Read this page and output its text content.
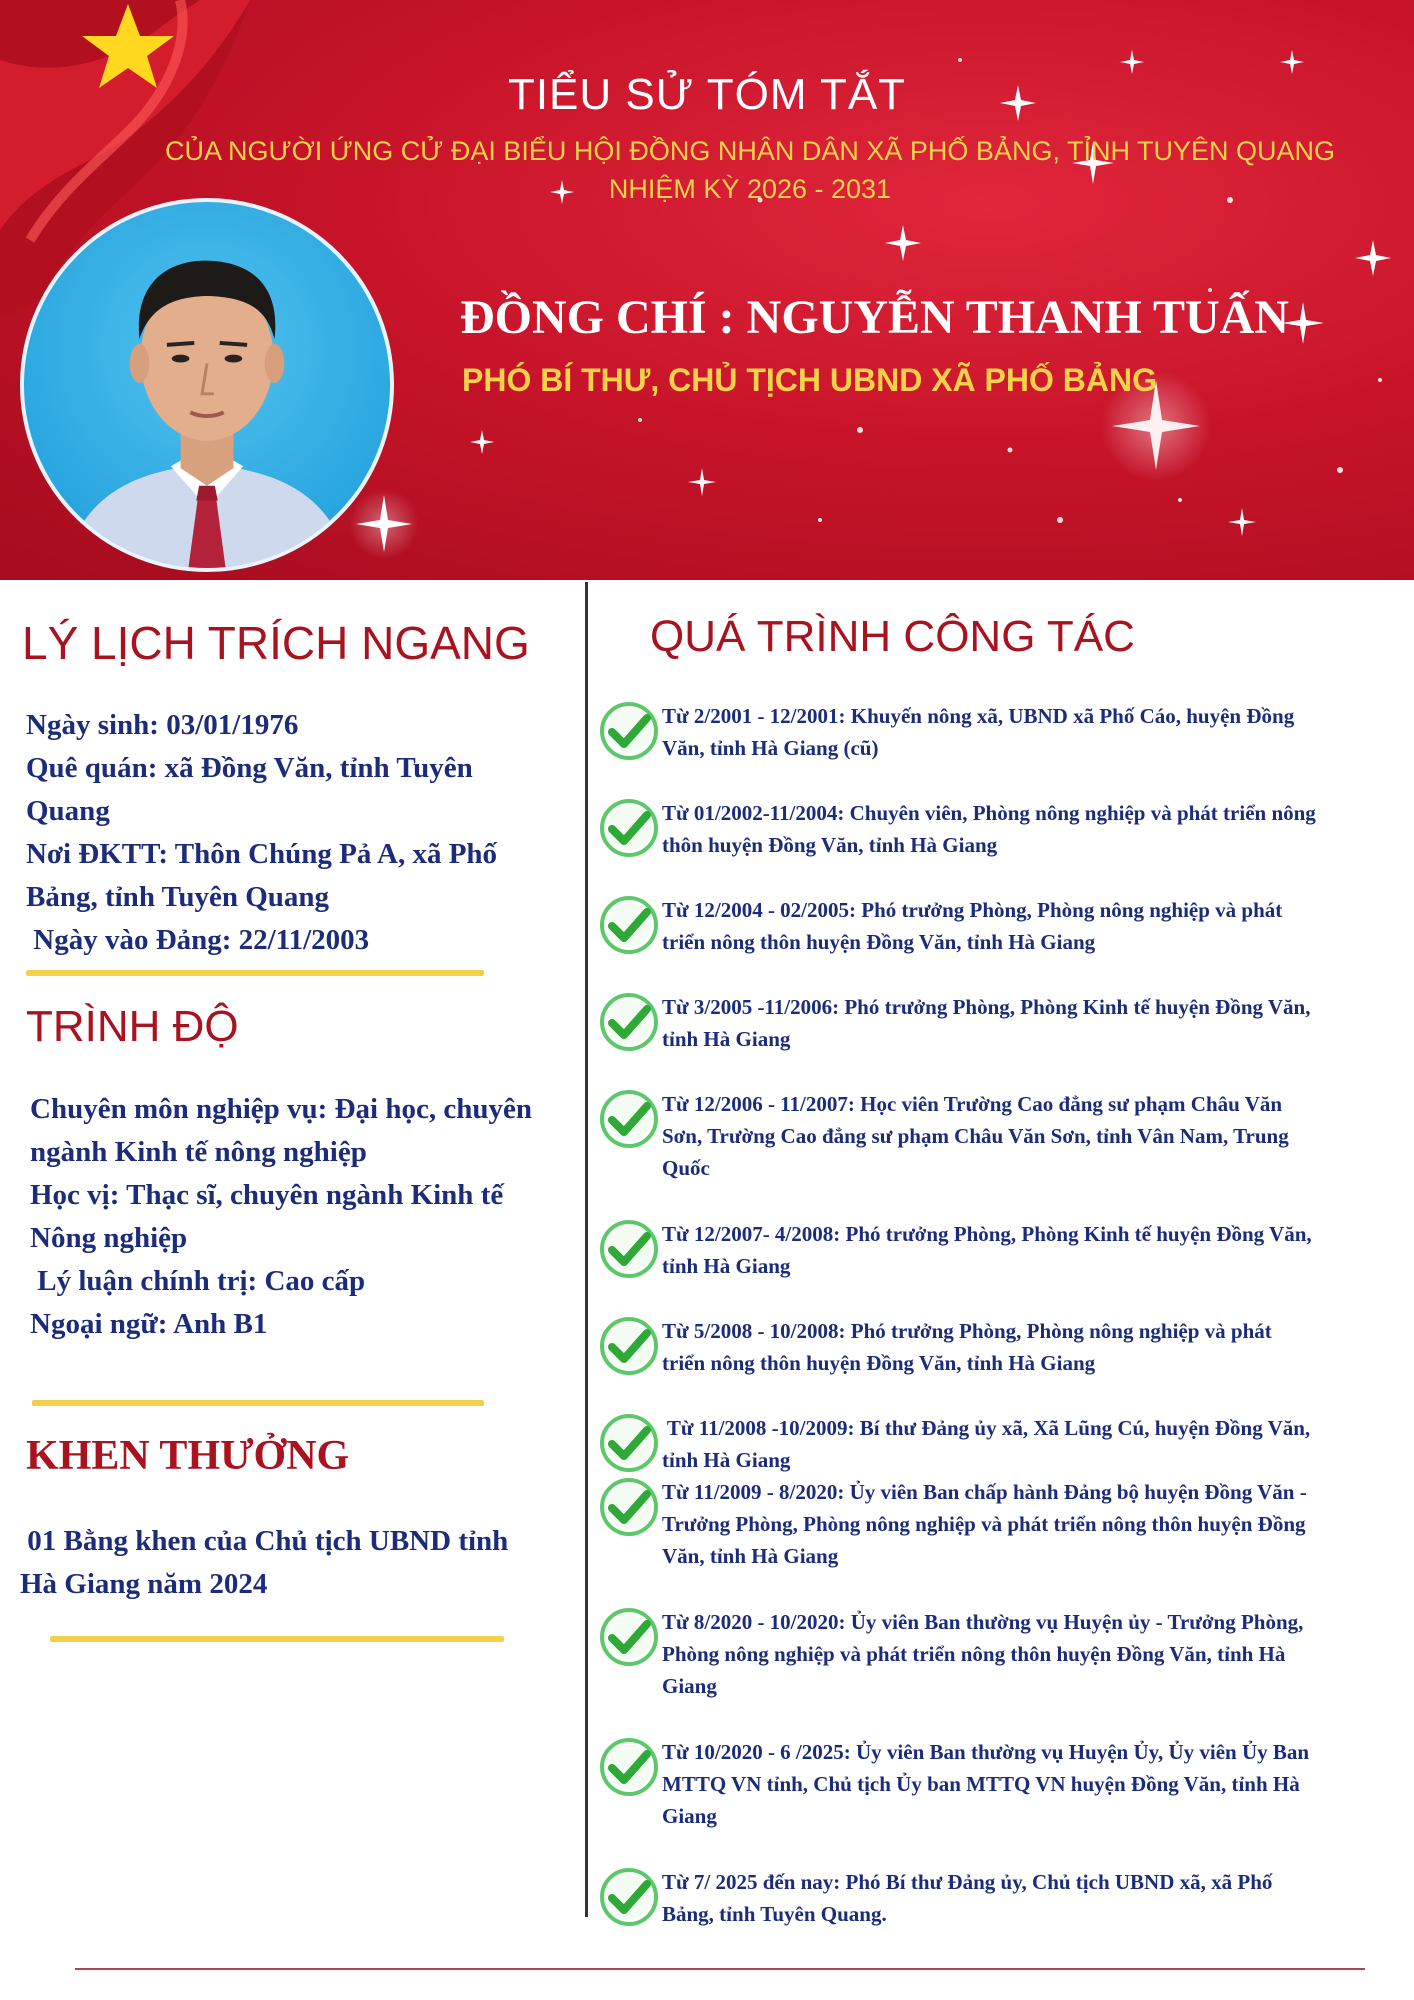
TIỂU SỬ TÓM TẮT
CỦA NGƯỜI ỨNG CỬ ĐẠI BIỂU HỘI ĐỒNG NHÂN DÂN XÃ PHỐ BẢNG, TỈNH TUYÊN QUANG
NHIỆM KỲ 2026 - 2031
ĐỒNG CHÍ : NGUYỄN THANH TUẤN
PHÓ BÍ THƯ, CHỦ TỊCH UBND XÃ PHỐ BẢNG
LÝ LỊCH TRÍCH NGANG
Ngày sinh: 03/01/1976
Quê quán: xã Đồng Văn, tỉnh Tuyên
Quang
Nơi ĐKTT: Thôn Chúng Pả A, xã Phố
Bảng, tỉnh Tuyên Quang
Ngày vào Đảng: 22/11/2003
TRÌNH ĐỘ
Chuyên môn nghiệp vụ: Đại học, chuyên
ngành Kinh tế nông nghiệp
Học vị: Thạc sĩ, chuyên ngành Kinh tế
Nông nghiệp
Lý luận chính trị: Cao cấp
Ngoại ngữ: Anh B1
KHEN THƯỞNG
01 Bằng khen của Chủ tịch UBND tỉnh
Hà Giang năm 2024
QUÁ TRÌNH CÔNG TÁC
Từ 2/2001 - 12/2001: Khuyến nông xã, UBND xã Phố Cáo, huyện Đồng
Văn, tỉnh Hà Giang (cũ)
Từ 01/2002-11/2004: Chuyên viên, Phòng nông nghiệp và phát triển nông
thôn huyện Đồng Văn, tỉnh Hà Giang
Từ 12/2004 - 02/2005: Phó trưởng Phòng, Phòng nông nghiệp và phát
triển nông thôn huyện Đồng Văn, tỉnh Hà Giang
Từ 3/2005 -11/2006: Phó trưởng Phòng, Phòng Kinh tế huyện Đồng Văn,
tỉnh Hà Giang
Từ 12/2006 - 11/2007: Học viên Trường Cao đẳng sư phạm Châu Văn
Sơn, Trường Cao đẳng sư phạm Châu Văn Sơn, tỉnh Vân Nam, Trung
Quốc
Từ 12/2007- 4/2008: Phó trưởng Phòng, Phòng Kinh tế huyện Đồng Văn,
tỉnh Hà Giang
Từ 5/2008 - 10/2008: Phó trưởng Phòng, Phòng nông nghiệp và phát
triển nông thôn huyện Đồng Văn, tỉnh Hà Giang
Từ 11/2008 -10/2009: Bí thư Đảng ủy xã, Xã Lũng Cú, huyện Đồng Văn,
tỉnh Hà Giang
Từ 11/2009 - 8/2020: Ủy viên Ban chấp hành Đảng bộ huyện Đồng Văn -
Trưởng Phòng, Phòng nông nghiệp và phát triển nông thôn huyện Đồng
Văn, tỉnh Hà Giang
Từ 8/2020 - 10/2020: Ủy viên Ban thường vụ Huyện ủy - Trưởng Phòng,
Phòng nông nghiệp và phát triển nông thôn huyện Đồng Văn, tỉnh Hà
Giang
Từ 10/2020 - 6 /2025: Ủy viên Ban thường vụ Huyện Ủy, Ủy viên Ủy Ban
MTTQ VN tỉnh, Chủ tịch Ủy ban MTTQ VN huyện Đồng Văn, tỉnh Hà
Giang
Từ 7/ 2025 đến nay: Phó Bí thư Đảng ủy, Chủ tịch UBND xã, xã Phố
Bảng, tỉnh Tuyên Quang.
